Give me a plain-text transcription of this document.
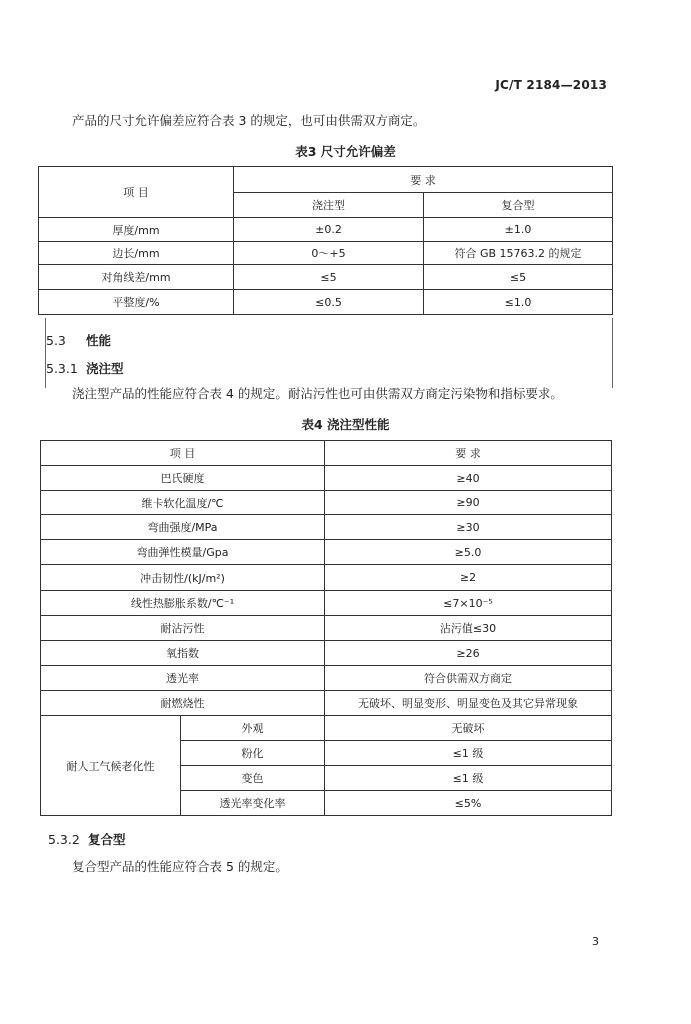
JC/T 2184—2013
产品的尺寸允许偏差应符合表 3 的规定，也可由供需双方商定。
表3 尺寸允许偏差
项 目	要 求	
	浇注型	复合型
厚度/mm	±0.2	±1.0
边长/mm	0～+5	符合 GB 15763.2 的规定
对角线差/mm	≤5	≤5
平整度/%	≤0.5	≤1.0
5.3 性能
5.3.1 浇注型
浇注型产品的性能应符合表 4 的规定。耐沾污性也可由供需双方商定污染物和指标要求。
表4 浇注型性能
项 目		要 求
巴氏硬度		≥40
维卡软化温度/℃		≥90
弯曲强度/MPa		≥30
弯曲弹性模量/Gpa		≥5.0
冲击韧性/(kJ/m²)		≥2
线性热膨胀系数/℃⁻¹		≤7×10⁻⁵
耐沾污性		沾污值≤30
氧指数		≥26
透光率		符合供需双方商定
耐燃烧性		无破坏、明显变形、明显变色及其它异常现象
耐人工气候老化性	外观	无破坏
	粉化	≤1 级
	变色	≤1 级
	透光率变化率	≤5%
5.3.2 复合型
复合型产品的性能应符合表 5 的规定。
3
